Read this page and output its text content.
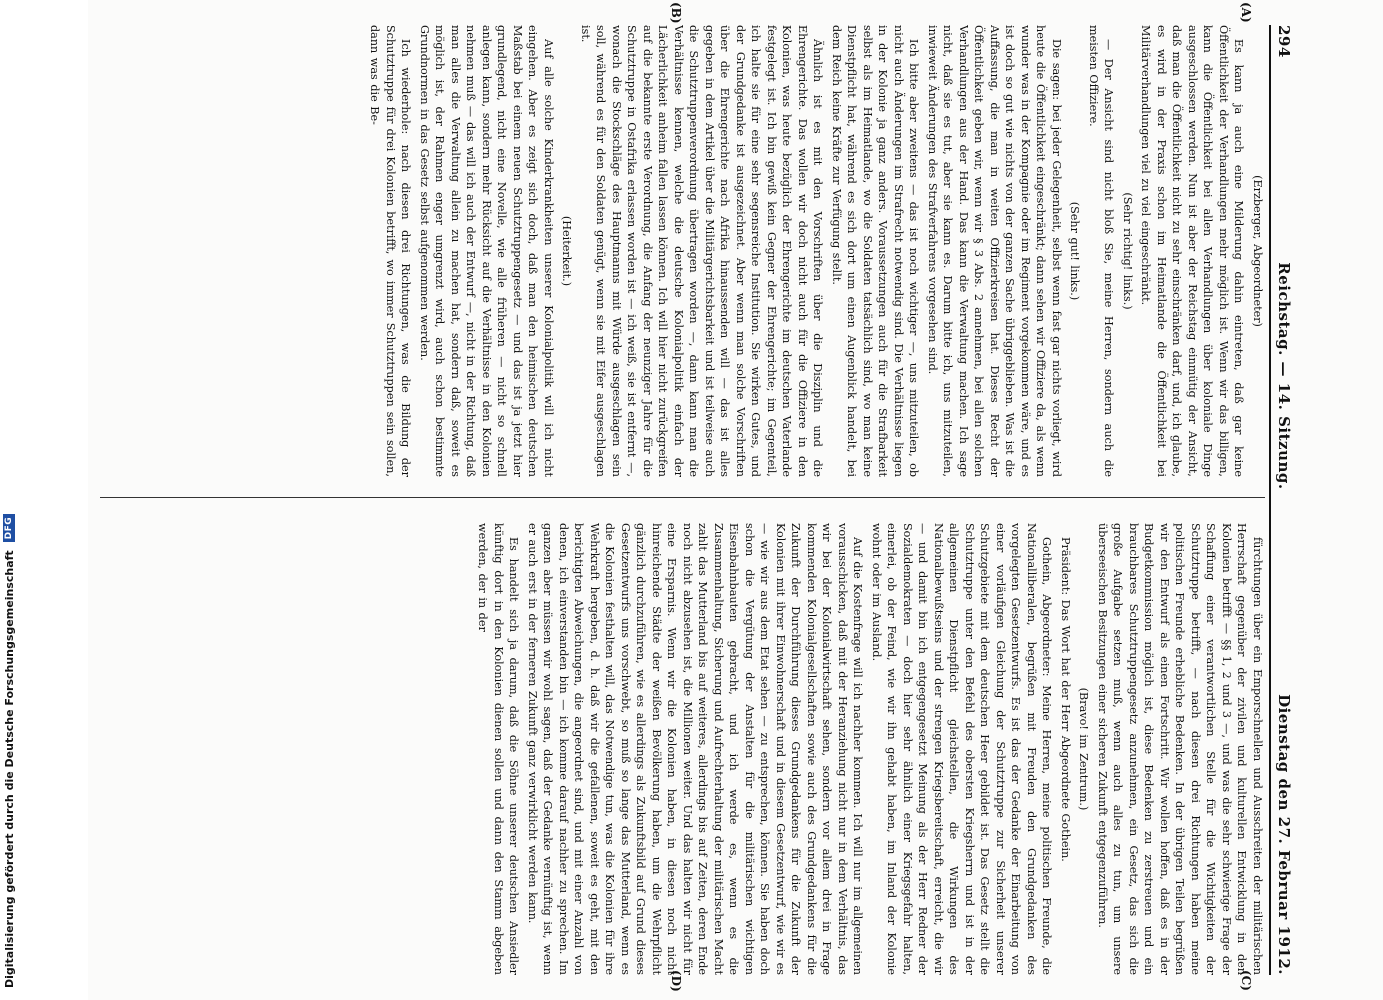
Digitalisierung gefördert durch die Deutsche Forschungsgemeinschaft
DFG
294
Reichstag. — 14. Sitzung.
Dienstag den 27. Februar 1912.
(A)
(B)
(C)
(D)

(Erzberger, Abgeordneter)

Es kann ja auch eine Milderung dahin eintreten, daß gar keine Öffentlichkeit der Verhandlungen mehr möglich ist. Wenn wir das billigen, kann die Öffentlichkeit bei allen Verhandlungen über koloniale Dinge ausgeschlossen werden. Nun ist aber der Reichstag einmütig der Ansicht, daß man die Öffentlichkeit nicht zu sehr einschränken darf, und, ich glaube, es wird in der Praxis schon im Heimatlande die Öffentlichkeit bei Militärverhandlungen viel zu viel eingeschränkt.

(Sehr richtig! links.)

— Der Ansicht sind nicht bloß Sie, meine Herren, sondern auch die meisten Offiziere.

(Sehr gut! links.)

Die sagen: bei jeder Gelegenheit, selbst wenn fast gar nichts vorliegt, wird heute die Öffentlichkeit eingeschränkt; dann sehen wir Offiziere da, als wenn wunder was in der Kompagnie oder im Regiment vorgekommen wäre, und es ist doch so gut wie nichts von der ganzen Sache übriggeblieben. Was ist die Auffassung, die man in weiten Offizierkreisen hat. Dieses Recht der Öffentlichkeit geben wir, wenn wir § 3 Abs. 2 annehmen, bei allen solchen Verhandlungen aus der Hand. Das kann die Verwaltung machen. Ich sage nicht, daß sie es tut, aber sie kann es. Darum bitte ich, uns mitzuteilen, inwieweit Änderungen des Strafverfahrens vorgesehen sind.

Ich bitte aber zweitens — das ist noch wichtiger —, uns mitzuteilen, ob nicht auch Änderungen im Strafrecht notwendig sind. Die Verhältnisse liegen in der Kolonie ja ganz anders. Voraussetzungen auch für die Strafbarkeit selbst als im Heimatlande, wo die Soldaten tatsächlich sind, wo man keine Dienstpflicht hat, während es sich dort um einen Augenblick handelt, bei dem Reich keine Kräfte zur Verfügung stellt.

Ähnlich ist es mit den Vorschriften über die Disziplin und die Ehrengerichte. Das wollen wir doch nicht auch für die Offiziere in den Kolonien, was heute bezüglich der Ehrengerichte im deutschen Vaterlande festgelegt ist. Ich bin gewiß kein Gegner der Ehrengerichte; im Gegenteil, ich halte sie für eine sehr segensreiche Institution. Sie wirken Gutes, und der Grundgedanke ist ausgezeichnet. Aber wenn man solche Vorschriften über die Ehrengerichte nach Afrika hinaussenden will — das ist alles gegeben in dem Artikel über die Militärgerichtsbarkeit und ist teilweise auch die Schutztruppenverordnung übertragen worden —, dann kann man die Verhältnisse kennen, welche die deutsche Kolonialpolitik einfach der Lächerlichkeit anheim fallen lassen können. Ich will hier nicht zurückgreifen auf die bekannte erste Verordnung, die Anfang der neunziger Jahre für die Schutztruppe in Ostafrika erlassen worden ist — ich weiß, sie ist entfernt —, wonach die Stockschläge des Hauptmanns mit Würde ausgeschlagen sein soll, während es für den Soldaten genügt, wenn sie mit Eifer ausgeschlagen ist.

(Heiterkeit.)

Auf alle solche Kinderkrankheiten unserer Kolonialpolitik will ich nicht eingehen. Aber es zeigt sich doch, daß man den heimischen deutschen Maßstab bei einem neuen Schutztruppengesetz — und das ist ja jetzt hier grundlegend, nicht eine Novelle, wie alle früheren — nicht so schnell anlegen kann, sondern mehr Rücksicht auf die Verhältnisse in den Kolonien nehmen muß — das will ich auch der Entwurf —, nicht in der Richtung, daß man alles die Verwaltung allein zu machen hat, sondern daß, soweit es möglich ist, der Rahmen enger umgrenzt wird, auch schon bestimmte Grundnormen in das Gesetz selbst aufgenommen werden.

Ich wiederhole: nach diesen drei Richtungen, was die Bildung der Schutztruppe für drei Kolonien betrifft, wo immer Schutztruppen sein sollen, dann was die Be-

fürchtungen über ein Emporschnellen und Ausschreiten der militärischen Herrschaft gegenüber der zivilen und kulturellen Entwicklung in den Kolonien betrifft — §§ 1, 2 und 3 —, und was die sehr schwierige Frage der Schaffung einer verantwortlichen Stelle für die Wichtigkeiten der Schutztruppe betrifft, — nach diesen drei Richtungen haben meine politischen Freunde erhebliche Bedenken. In der übrigen Teilen begrüßen wir den Entwurf als einen Fortschritt. Wir wollen hoffen, daß es in der Budgetkommission möglich ist, diese Bedenken zu zerstreuen und ein brauchbares Schutztruppengesetz anzunehmen, ein Gesetz, das sich die große Aufgabe setzen muß, wenn auch alles zu tun, um unsere überseeischen Besitzungen einer sicheren Zukunft entgegenzuführen.

(Bravo! im Zentrum.)

Präsident: Das Wort hat der Herr Abgeordnete Gothein.

Gothein, Abgeordneter: Meine Herren, meine politischen Freunde, die Nationalliberalen, begrüßen mit Freuden den Grundgedanken des vorgelegten Gesetzentwurfs. Es ist das der Gedanke der Einarbeitung von einer vorläufigen Gleichung der Schutztruppe zur Sicherheit unserer Schutzgebiete mit dem deutschen Heer gebildet ist. Das Gesetz stellt die Schutztruppe unter den Befehl des obersten Kriegsherrn und ist in der allgemeinen Dienstpflicht gleichstellen, die Wirkungen des Nationalbewußtseins und der strengen Kriegsbereitschaft, erreicht, die wir — und damit bin ich entgegengesetzt Meinung als der Herr Redner der Sozialdemokraten — doch hier sehr ähnlich einer Kriegsgefahr halten, einerlei, ob der Feind, wie wir ihn gehabt haben, im Inland der Kolonie wohnt oder im Ausland.

Auf die Kostenfrage will ich nachher kommen. Ich will nur im allgemeinen vorausschicken, daß mit der Heranziehung nicht nur in dem Verhältnis, das wir bei der Kolonialwirtschaft sehen, sondern vor allem drei in Frage kommenden Kolonialgesellschaften sowie auch des Grundgedankens für die Zukunft der Durchführung dieses Grundgedankens für die Zukunft der Kolonien mit ihrer Einwohnerschaft und in diesem Gesetzentwurf, wie wir es — wie wir aus dem Etat sehen — zu entsprechen, können. Sie haben doch schon die Vergütung der Anstalten für die militärischen wichtigen Eisenbahnbauten gebracht, und ich werde es, wenn es die Zusammenhaltung, Sicherung und Aufrechterhaltung der militärischen Macht zahlt das Mutterland bis auf weiteres, allerdings bis auf Zeiten, deren Ende noch nicht abzusehen ist, die Millionen weiter. Und das halten wir nicht für eine Ersparnis. Wenn wir die Kolonien haben, in diesen noch nicht hinreichende Städte der weißen Bevölkerung haben, um die Wehrpflicht gänzlich durchzuführen, wie es allerdings als Zukunftsbild auf Grund dieses Gesetzentwurfs uns vorschwebt, so muß so lange das Mutterland, wenn es die Kolonien festhalten will, das Notwendige tun, was die Kolonien für ihre Wehrkraft hergeben, d. h. daß wir die gefallenen, soweit es geht, mit den berichtigten Abweichungen, die angeordnet sind, und mit einer Anzahl von denen, ich einverstanden bin — ich komme darauf nachher zu sprechen. Im ganzen aber müssen wir wohl sagen, daß der Gedanke vernünftig ist, wenn er auch erst in der ferneren Zukunft ganz verwirklicht werden kann.

Es handelt sich ja darum, daß die Söhne unserer deutschen Ansiedler künftig dort in den Kolonien dienen sollen und dann den Stamm abgeben werden, der in der
